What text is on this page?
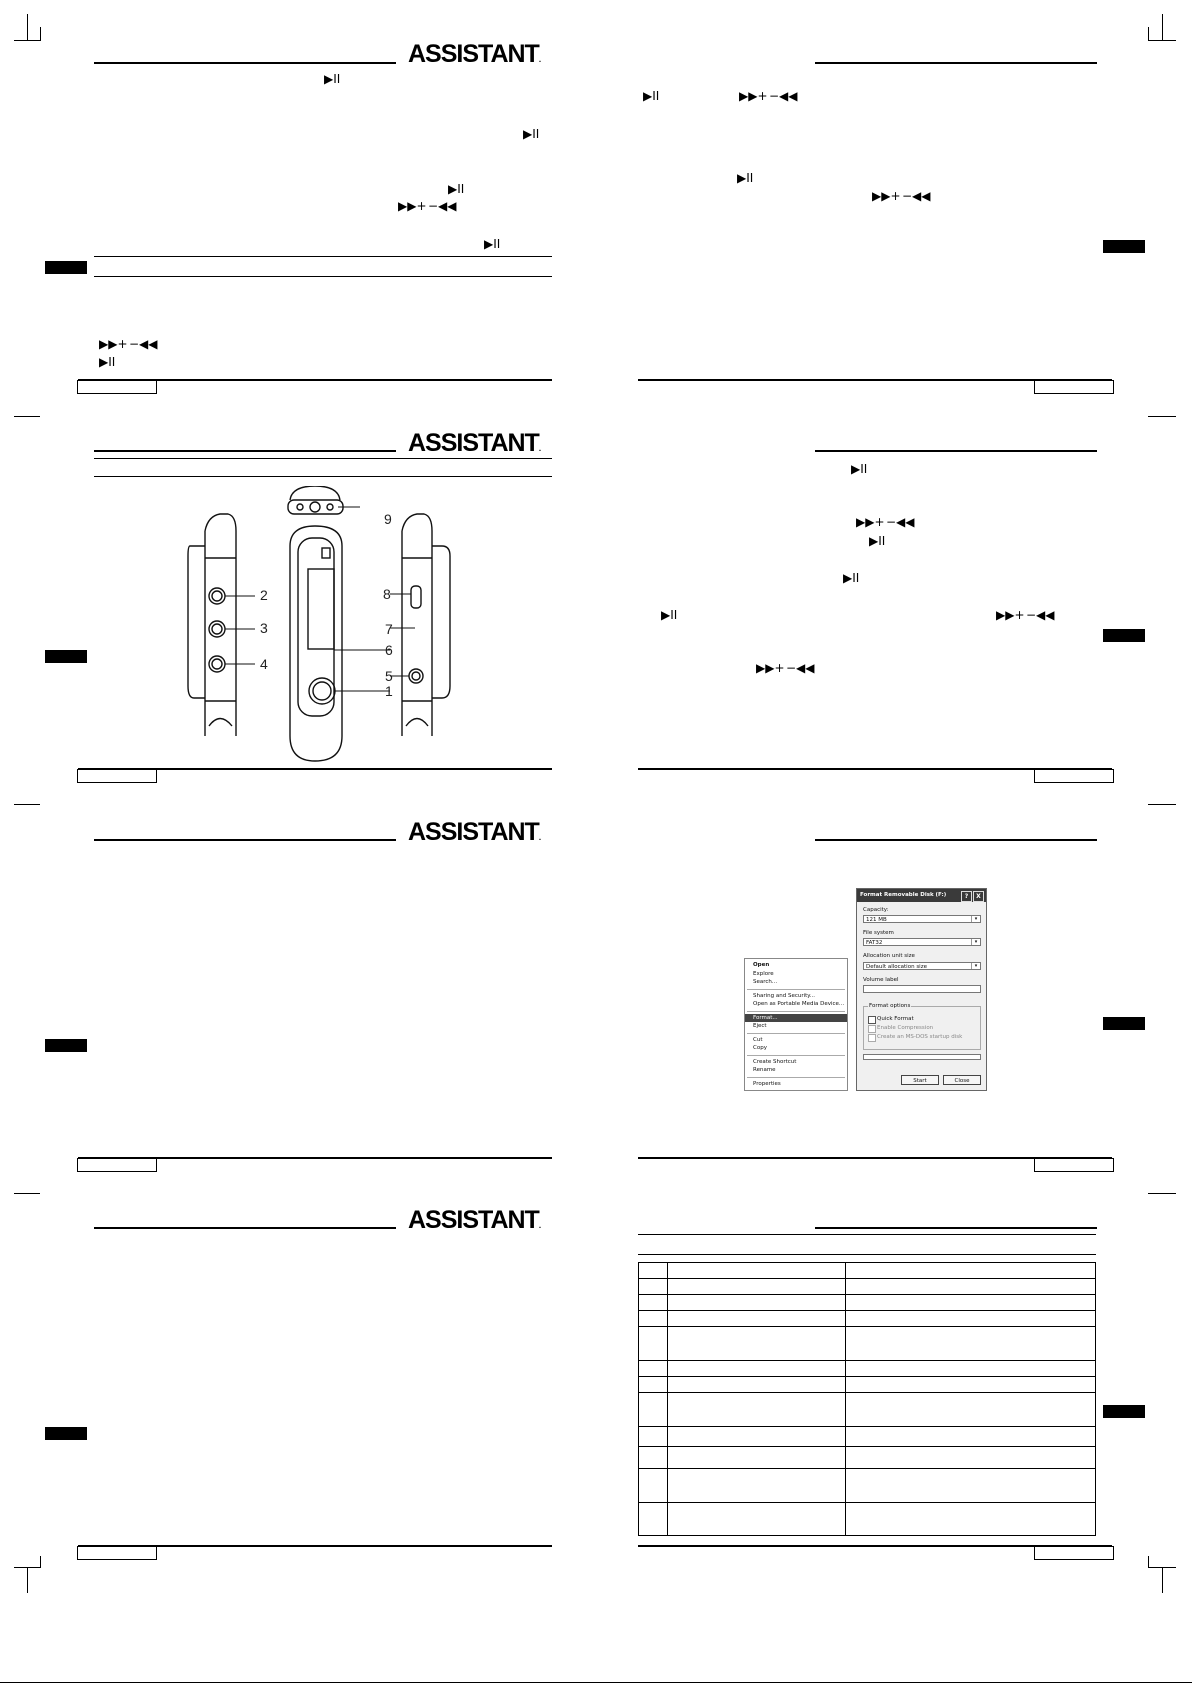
ASSISTANT.
▶II
▶II
▶II
▶▶+ −◀◀
▶II
▶▶+ −◀◀
▶II
▶II	▶▶+ −◀◀
▶II
▶▶+ −◀◀
ASSISTANT.
2
3
4
9
8
7
6
5
1
▶II
▶▶+ −◀◀
▶II
▶II
▶II	▶▶+ −◀◀
▶▶+ −◀◀
ASSISTANT.
Open
Explore
Search...
Sharing and Security...
Open as Portable Media Device...
Format...
Eject
Cut
Copy
Create Shortcut
Rename
Properties
Format Removable Disk (F:)	? X
Capacity:
121 MB	▾
File system
FAT32	▾
Allocation unit size
Default allocation size	▾
Volume label
Format options
Quick Format
Enable Compression
Create an MS-DOS startup disk
Start	Close
ASSISTANT.
